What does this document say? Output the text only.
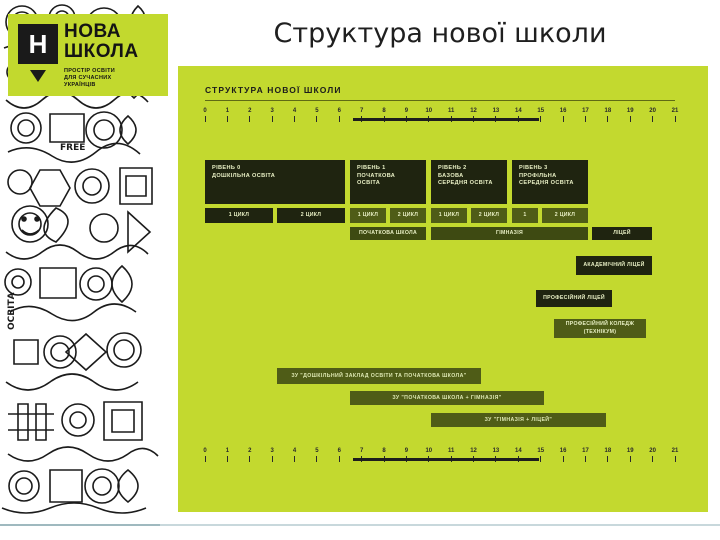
ОСВІТА
FREE
Н НОВА
ШКОЛА
ПРОСТІР ОСВІТИ
ДЛЯ СУЧАСНИХ
УКРАЇНЦІВ
Структура нової школи
СТРУКТУРА НОВОЇ ШКОЛИ
0	1	2	3	4	5	6	7	8	9	10	11	12	13	14	15	16	17	18	19	20	21
РІВЕНЬ 0
ДОШКІЛЬНА ОСВІТА
РІВЕНЬ 1
ПОЧАТКОВА
ОСВІТА
РІВЕНЬ 2
БАЗОВА
СЕРЕДНЯ ОСВІТА
РІВЕНЬ 3
ПРОФІЛЬНА
СЕРЕДНЯ ОСВІТА
1 ЦИКЛ	2 ЦИКЛ	1 ЦИКЛ	2 ЦИКЛ	1 ЦИКЛ	2 ЦИКЛ	1	2 ЦИКЛ
ПОЧАТКОВА ШКОЛА	ГІМНАЗІЯ	ЛІЦЕЙ
АКАДЕМІЧНИЙ ЛІЦЕЙ
ПРОФЕСІЙНИЙ ЛІЦЕЙ
ПРОФЕСІЙНИЙ КОЛЕДЖ (ТЕХНІКУМ)
ЗУ "ДОШКІЛЬНИЙ ЗАКЛАД ОСВІТИ ТА ПОЧАТКОВА ШКОЛА"
ЗУ "ПОЧАТКОВА ШКОЛА + ГІМНАЗІЯ"
ЗУ "ГІМНАЗІЯ + ЛІЦЕЙ"
0	1	2	3	4	5	6	7	8	9	10	11	12	13	14	15	16	17	18	19	20	21
